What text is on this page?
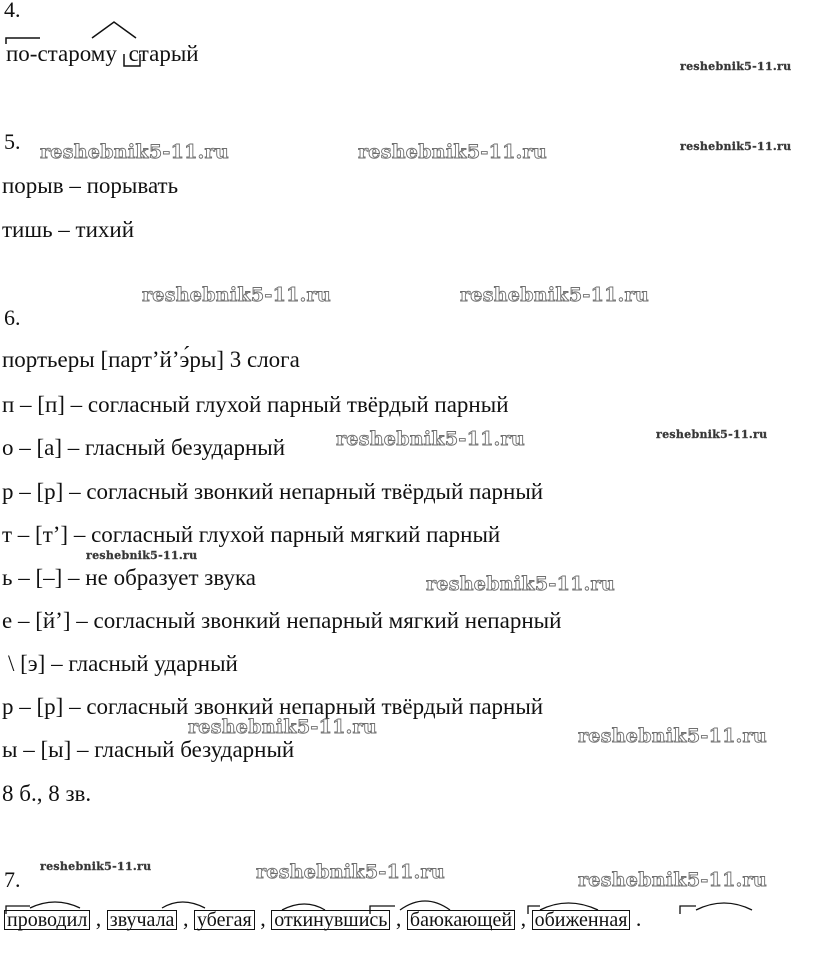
4.
по-старому старый
5.
порыв – порывать
тишь – тихий
6.
портьеры [парт’й’э́ры] 3 слога
п – [п] – согласный глухой парный твёрдый парный
о – [а] – гласный безударный
р – [р] – согласный звонкий непарный твёрдый парный
т – [т’] – согласный глухой парный мягкий парный
ь – [–] – не образует звука
е – [й’] – согласный звонкий непарный мягкий непарный
\ [э] – гласный ударный
р – [р] – согласный звонкий непарный твёрдый парный
ы – [ы] – гласный безударный
8 б., 8 зв.
7.
проводил , звучала , убегая , откинувшись , баюкающей , обиженная .
reshebnik5-11.ru
reshebnik5-11.ru
reshebnik5-11.ru	reshebnik5-11.ru
reshebnik5-11.ru	reshebnik5-11.ru
reshebnik5-11.ru	reshebnik5-11.ru
reshebnik5-11.ru
reshebnik5-11.ru
reshebnik5-11.ru	reshebnik5-11.ru
reshebnik5-11.ru	reshebnik5-11.ru	reshebnik5-11.ru
